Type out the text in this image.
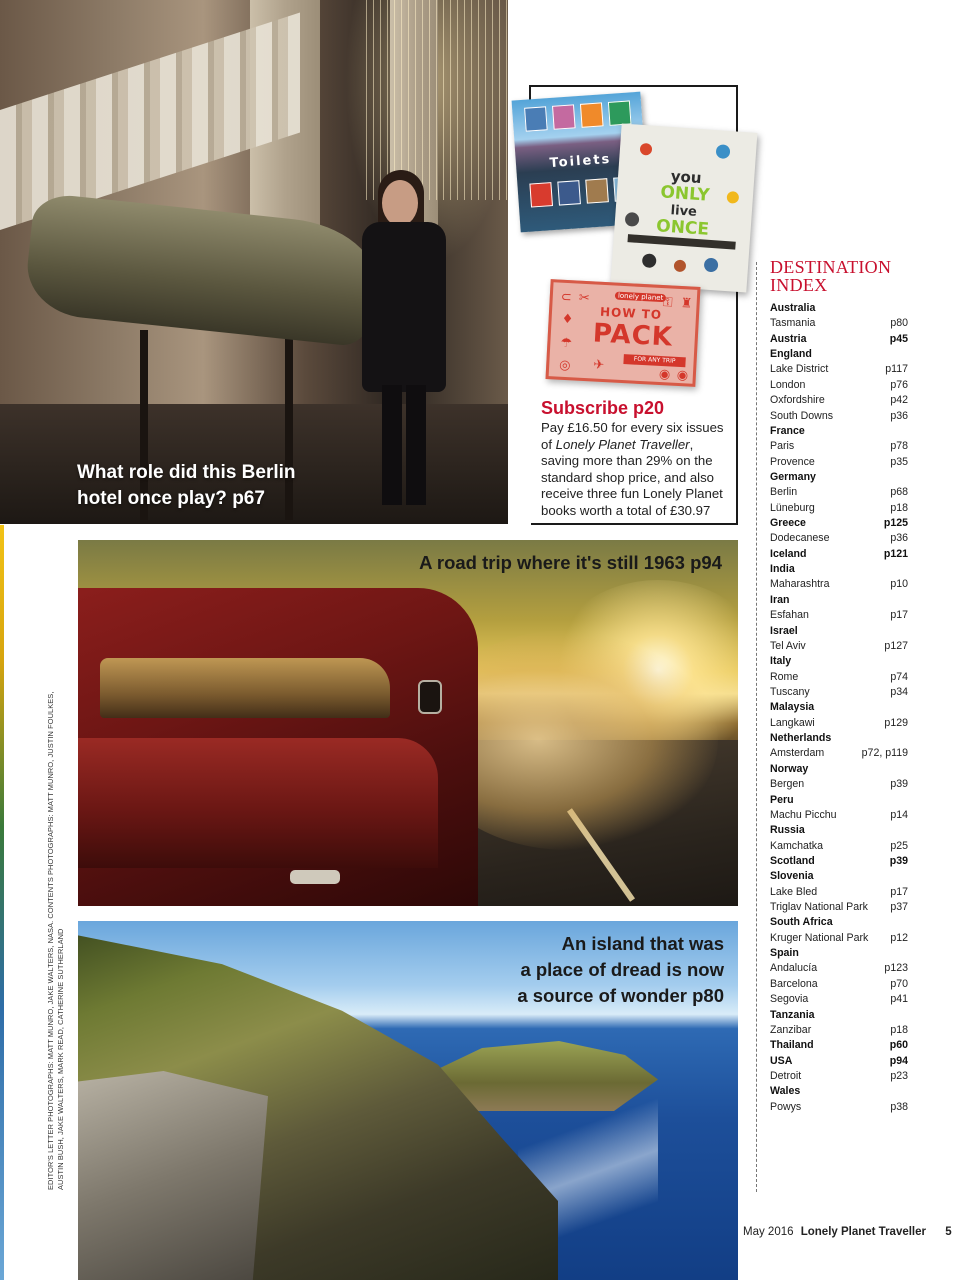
What role did this Berlin
hotel once play? p67
Toilets
you
ONLY
live
ONCE
lonely planet
⊂ ✂	⚿ ♜
♦
☂
◎
HOW TO
PACK
FOR ANY TRIP
✈
◉ ◉
Subscribe p20
Pay £16.50 for every six issues of Lonely Planet Traveller, saving more than 29% on the standard shop price, and also receive three fun Lonely Planet books worth a total of £30.97
A road trip where it's still 1963 p94
An island that was
a place of dread is now
a source of wonder p80
EDITOR'S LETTER PHOTOGRAPHS: MATT MUNRO, JAKE WALTERS, NASA. CONTENTS PHOTOGRAPHS: MATT MUNRO, JUSTIN FOULKES, AUSTIN BUSH, JAKE WALTERS, MARK READ, CATHERINE SUTHERLAND
DESTINATION
INDEX
Australia
Tasmania	p80
Austria	p45
England
Lake District	p117
London	p76
Oxfordshire	p42
South Downs	p36
France
Paris	p78
Provence	p35
Germany
Berlin	p68
Lüneburg	p18
Greece	p125
Dodecanese	p36
Iceland	p121
India
Maharashtra	p10
Iran
Esfahan	p17
Israel
Tel Aviv	p127
Italy
Rome	p74
Tuscany	p34
Malaysia
Langkawi	p129
Netherlands
Amsterdam	p72, p119
Norway
Bergen	p39
Peru
Machu Picchu	p14
Russia
Kamchatka	p25
Scotland	p39
Slovenia
Lake Bled	p17
Triglav National Park p37
South Africa
Kruger National Park p12
Spain
Andalucía	p123
Barcelona	p70
Segovia	p41
Tanzania
Zanzibar	p18
Thailand	p60
USA	p94
Detroit	p23
Wales
Powys	p38
May 2016 Lonely Planet Traveller 5
